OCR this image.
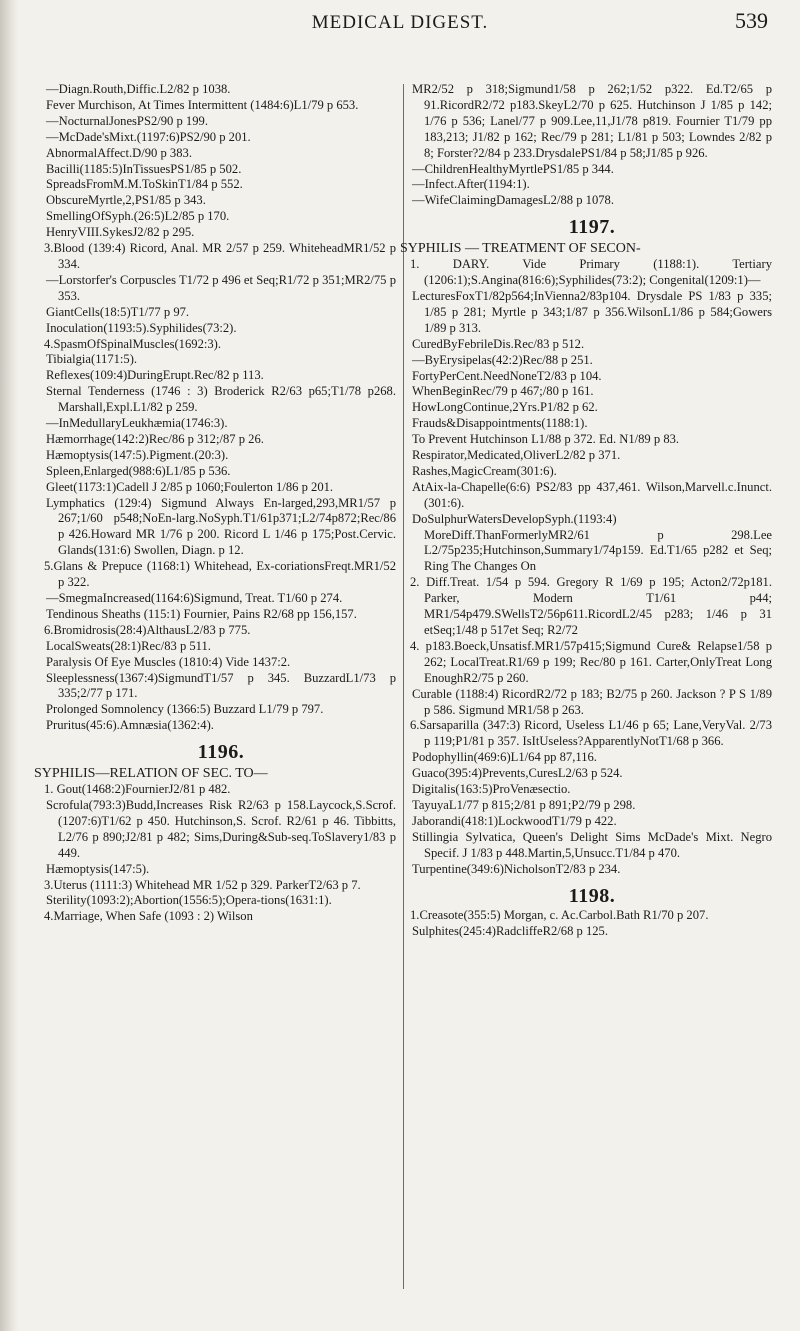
MEDICAL DIGEST.	539
—Diagn.Routh,Diffic.L2/82 p 1038.
Fever Murchison, At Times Intermittent (1484:6)L1/79 p 653.
—NocturnalJonesPS2/90 p 199.
—McDade'sMixt.(1197:6)PS2/90 p 201.
AbnormalAffect.D/90 p 383.
Bacilli(1185:5)InTissuesPS1/85 p 502.
SpreadsFromM.M.ToSkinT1/84 p 552.
ObscureMyrtle,2,PS1/85 p 343.
SmellingOfSyph.(26:5)L2/85 p 170.
HenryVIII.SykesJ2/82 p 295.
3.Blood (139:4) Ricord, Anal. MR 2/57 p 259. WhiteheadMR1/52 p 334.
—Lorstorfer's Corpuscles T1/72 p 496 et Seq;R1/72 p 351;MR2/75 p 353.
GiantCells(18:5)T1/77 p 97.
Inoculation(1193:5).Syphilides(73:2).
4.SpasmOfSpinalMuscles(1692:3).
Tibialgia(1171:5).
Reflexes(109:4)DuringErupt.Rec/82 p 113.
Sternal Tenderness (1746 : 3) Broderick R2/63 p65;T1/78 p268. Marshall,Expl.L1/82 p 259.
—InMedullaryLeukhæmia(1746:3).
Hæmorrhage(142:2)Rec/86 p 312;/87 p 26.
Hæmoptysis(147:5).Pigment.(20:3).
Spleen,Enlarged(988:6)L1/85 p 536.
Gleet(1173:1)Cadell J 2/85 p 1060;Foulerton 1/86 p 201.
Lymphatics (129:4) Sigmund Always En-larged,293,MR1/57 p 267;1/60 p548;NoEn-larg.NoSyph.T1/61p371;L2/74p872;Rec/86 p 426.Howard MR 1/76 p 200. Ricord L 1/46 p 175;Post.Cervic. Glands(131:6) Swollen, Diagn. p 12.
5.Glans & Prepuce (1168:1) Whitehead, Ex-coriationsFreqt.MR1/52 p 322.
—SmegmaIncreased(1164:6)Sigmund, Treat. T1/60 p 274.
Tendinous Sheaths (115:1) Fournier, Pains R2/68 pp 156,157.
6.Bromidrosis(28:4)AlthausL2/83 p 775.
LocalSweats(28:1)Rec/83 p 511.
Paralysis Of Eye Muscles (1810:4) Vide 1437:2.
Sleeplessness(1367:4)SigmundT1/57 p 345. BuzzardL1/73 p 335;2/77 p 171.
Prolonged Somnolency (1366:5) Buzzard L1/79 p 797.
Pruritus(45:6).Amnæsia(1362:4).
1196.
SYPHILIS—RELATION OF SEC. TO—
1. Gout(1468:2)FournierJ2/81 p 482.
Scrofula(793:3)Budd,Increases Risk R2/63 p 158.Laycock,S.Scrof.(1207:6)T1/62 p 450. Hutchinson,S. Scrof. R2/61 p 46. Tibbitts, L2/76 p 890;J2/81 p 482; Sims,During&Sub-seq.ToSlavery1/83 p 449.
Hæmoptysis(147:5).
3.Uterus (1111:3) Whitehead MR 1/52 p 329. ParkerT2/63 p 7.
Sterility(1093:2);Abortion(1556:5);Opera-tions(1631:1).
4.Marriage, When Safe (1093 : 2) Wilson
MR2/52 p 318;Sigmund1/58 p 262;1/52 p322. Ed.T2/65 p 91.RicordR2/72 p183.SkeyL2/70 p 625. Hutchinson J 1/85 p 142; 1/76 p 536; Lanel/77 p 909.Lee,11,J1/78 p819. Fournier T1/79 pp 183,213; J1/82 p 162; Rec/79 p 281; L1/81 p 503; Lowndes 2/82 p 8; Forster?2/84 p 233.DrysdalePS1/84 p 58;J1/85 p 926.
—ChildrenHealthyMyrtlePS1/85 p 344.
—Infect.After(1194:1).
—WifeClaimingDamagesL2/88 p 1078.
1197.
SYPHILIS — TREATMENT OF SECON-
1. DARY. Vide Primary (1188:1). Tertiary (1206:1);S.Angina(816:6);Syphilides(73:2); Congenital(1209:1)—
LecturesFoxT1/82p564;InVienna2/83p104. Drysdale PS 1/83 p 335; 1/85 p 281; Myrtle p 343;1/87 p 356.WilsonL1/86 p 584;Gowers 1/89 p 313.
CuredByFebrileDis.Rec/83 p 512.
—ByErysipelas(42:2)Rec/88 p 251.
FortyPerCent.NeedNoneT2/83 p 104.
WhenBeginRec/79 p 467;/80 p 161.
HowLongContinue,2Yrs.P1/82 p 62.
Frauds&Disappointments(1188:1).
To Prevent Hutchinson L1/88 p 372. Ed. N1/89 p 83.
Respirator,Medicated,OliverL2/82 p 371.
Rashes,MagicCream(301:6).
AtAix-la-Chapelle(6:6) PS2/83 pp 437,461. Wilson,Marvell.c.Inunct.(301:6).
DoSulphurWatersDevelopSyph.(1193:4) MoreDiff.ThanFormerlyMR2/61 p 298.Lee L2/75p235;Hutchinson,Summary1/74p159. Ed.T1/65 p282 et Seq; Ring The Changes On
2. Diff.Treat. 1/54 p 594. Gregory R 1/69 p 195; Acton2/72p181. Parker, Modern T1/61 p44; MR1/54p479.SWellsT2/56p611.RicordL2/45 p283; 1/46 p 31 etSeq;1/48 p 517et Seq; R2/72
4. p183.Boeck,Unsatisf.MR1/57p415;Sigmund Cure& Relapse1/58 p 262; LocalTreat.R1/69 p 199; Rec/80 p 161. Carter,OnlyTreat Long EnoughR2/75 p 260.
Curable (1188:4) RicordR2/72 p 183; B2/75 p 260. Jackson ? P S 1/89 p 586. Sigmund MR1/58 p 263.
6.Sarsaparilla (347:3) Ricord, Useless L1/46 p 65; Lane,VeryVal. 2/73 p 119;P1/81 p 357. IsItUseless?ApparentlyNotT1/68 p 366.
Podophyllin(469:6)L1/64 pp 87,116.
Guaco(395:4)Prevents,CuresL2/63 p 524.
Digitalis(163:5)ProVenæsectio.
TayuyaL1/77 p 815;2/81 p 891;P2/79 p 298.
Jaborandi(418:1)LockwoodT1/79 p 422.
Stillingia Sylvatica, Queen's Delight Sims McDade's Mixt. Negro Specif. J 1/83 p 448.Martin,5,Unsucc.T1/84 p 470.
Turpentine(349:6)NicholsonT2/83 p 234.
1198.
1.Creasote(355:5) Morgan, c. Ac.Carbol.Bath R1/70 p 207.
Sulphites(245:4)RadcliffeR2/68 p 125.
